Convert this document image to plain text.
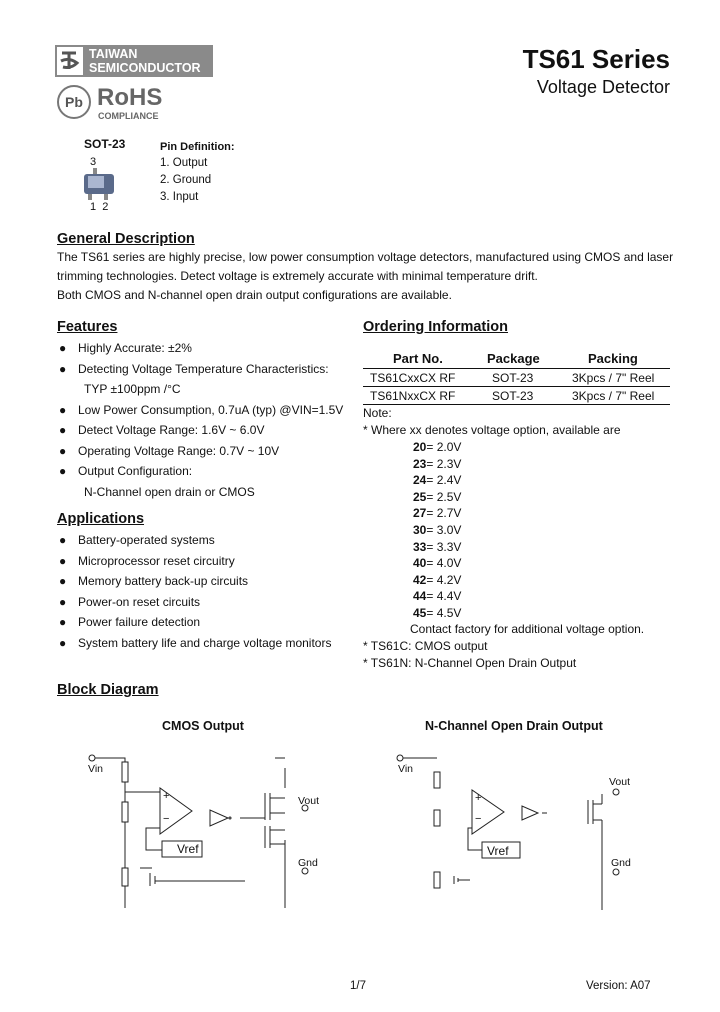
TAIWAN
SEMICONDUCTOR	TS61 Series
Voltage Detector
Pb RoHS
COMPLIANCE
SOT-23
3
1  2
Pin Definition:
1. Output
2. Ground
3. Input
General Description
The TS61 series are highly precise, low power consumption voltage detectors, manufactured using CMOS and laser
trimming technologies. Detect voltage is extremely accurate with minimal temperature drift.
Both CMOS and N-channel open drain output configurations are available.
Features
● Highly Accurate: ±2%
● Detecting Voltage Temperature Characteristics:
TYP ±100ppm /°C
● Low Power Consumption, 0.7uA (typ) @VIN=1.5V
● Detect Voltage Range: 1.6V ~ 6.0V
● Operating Voltage Range: 0.7V ~ 10V
● Output Configuration:
N-Channel open drain or CMOS
Applications
● Battery-operated systems
● Microprocessor reset circuitry
● Memory battery back-up circuits
● Power-on reset circuits
● Power failure detection
● System battery life and charge voltage monitors
Ordering Information
Part No.	Package	Packing
TS61CxxCX RF	SOT-23	3Kpcs / 7" Reel
TS61NxxCX RF	SOT-23	3Kpcs / 7" Reel
Note:
* Where xx denotes voltage option, available are
20= 2.0V
23= 2.3V
24= 2.4V
25= 2.5V
27= 2.7V
30= 3.0V
33= 3.3V
40= 4.0V
42= 4.2V
44= 4.4V
45= 4.5V
Contact factory for additional voltage option.
* TS61C: CMOS output
* TS61N: N-Channel Open Drain Output
Block Diagram
CMOS Output	N-Channel Open Drain Output
Vin
Vout
Gnd
Vref
+
−
Vin
Vout
Gnd
Vref
+
−
1/7	Version: A07
